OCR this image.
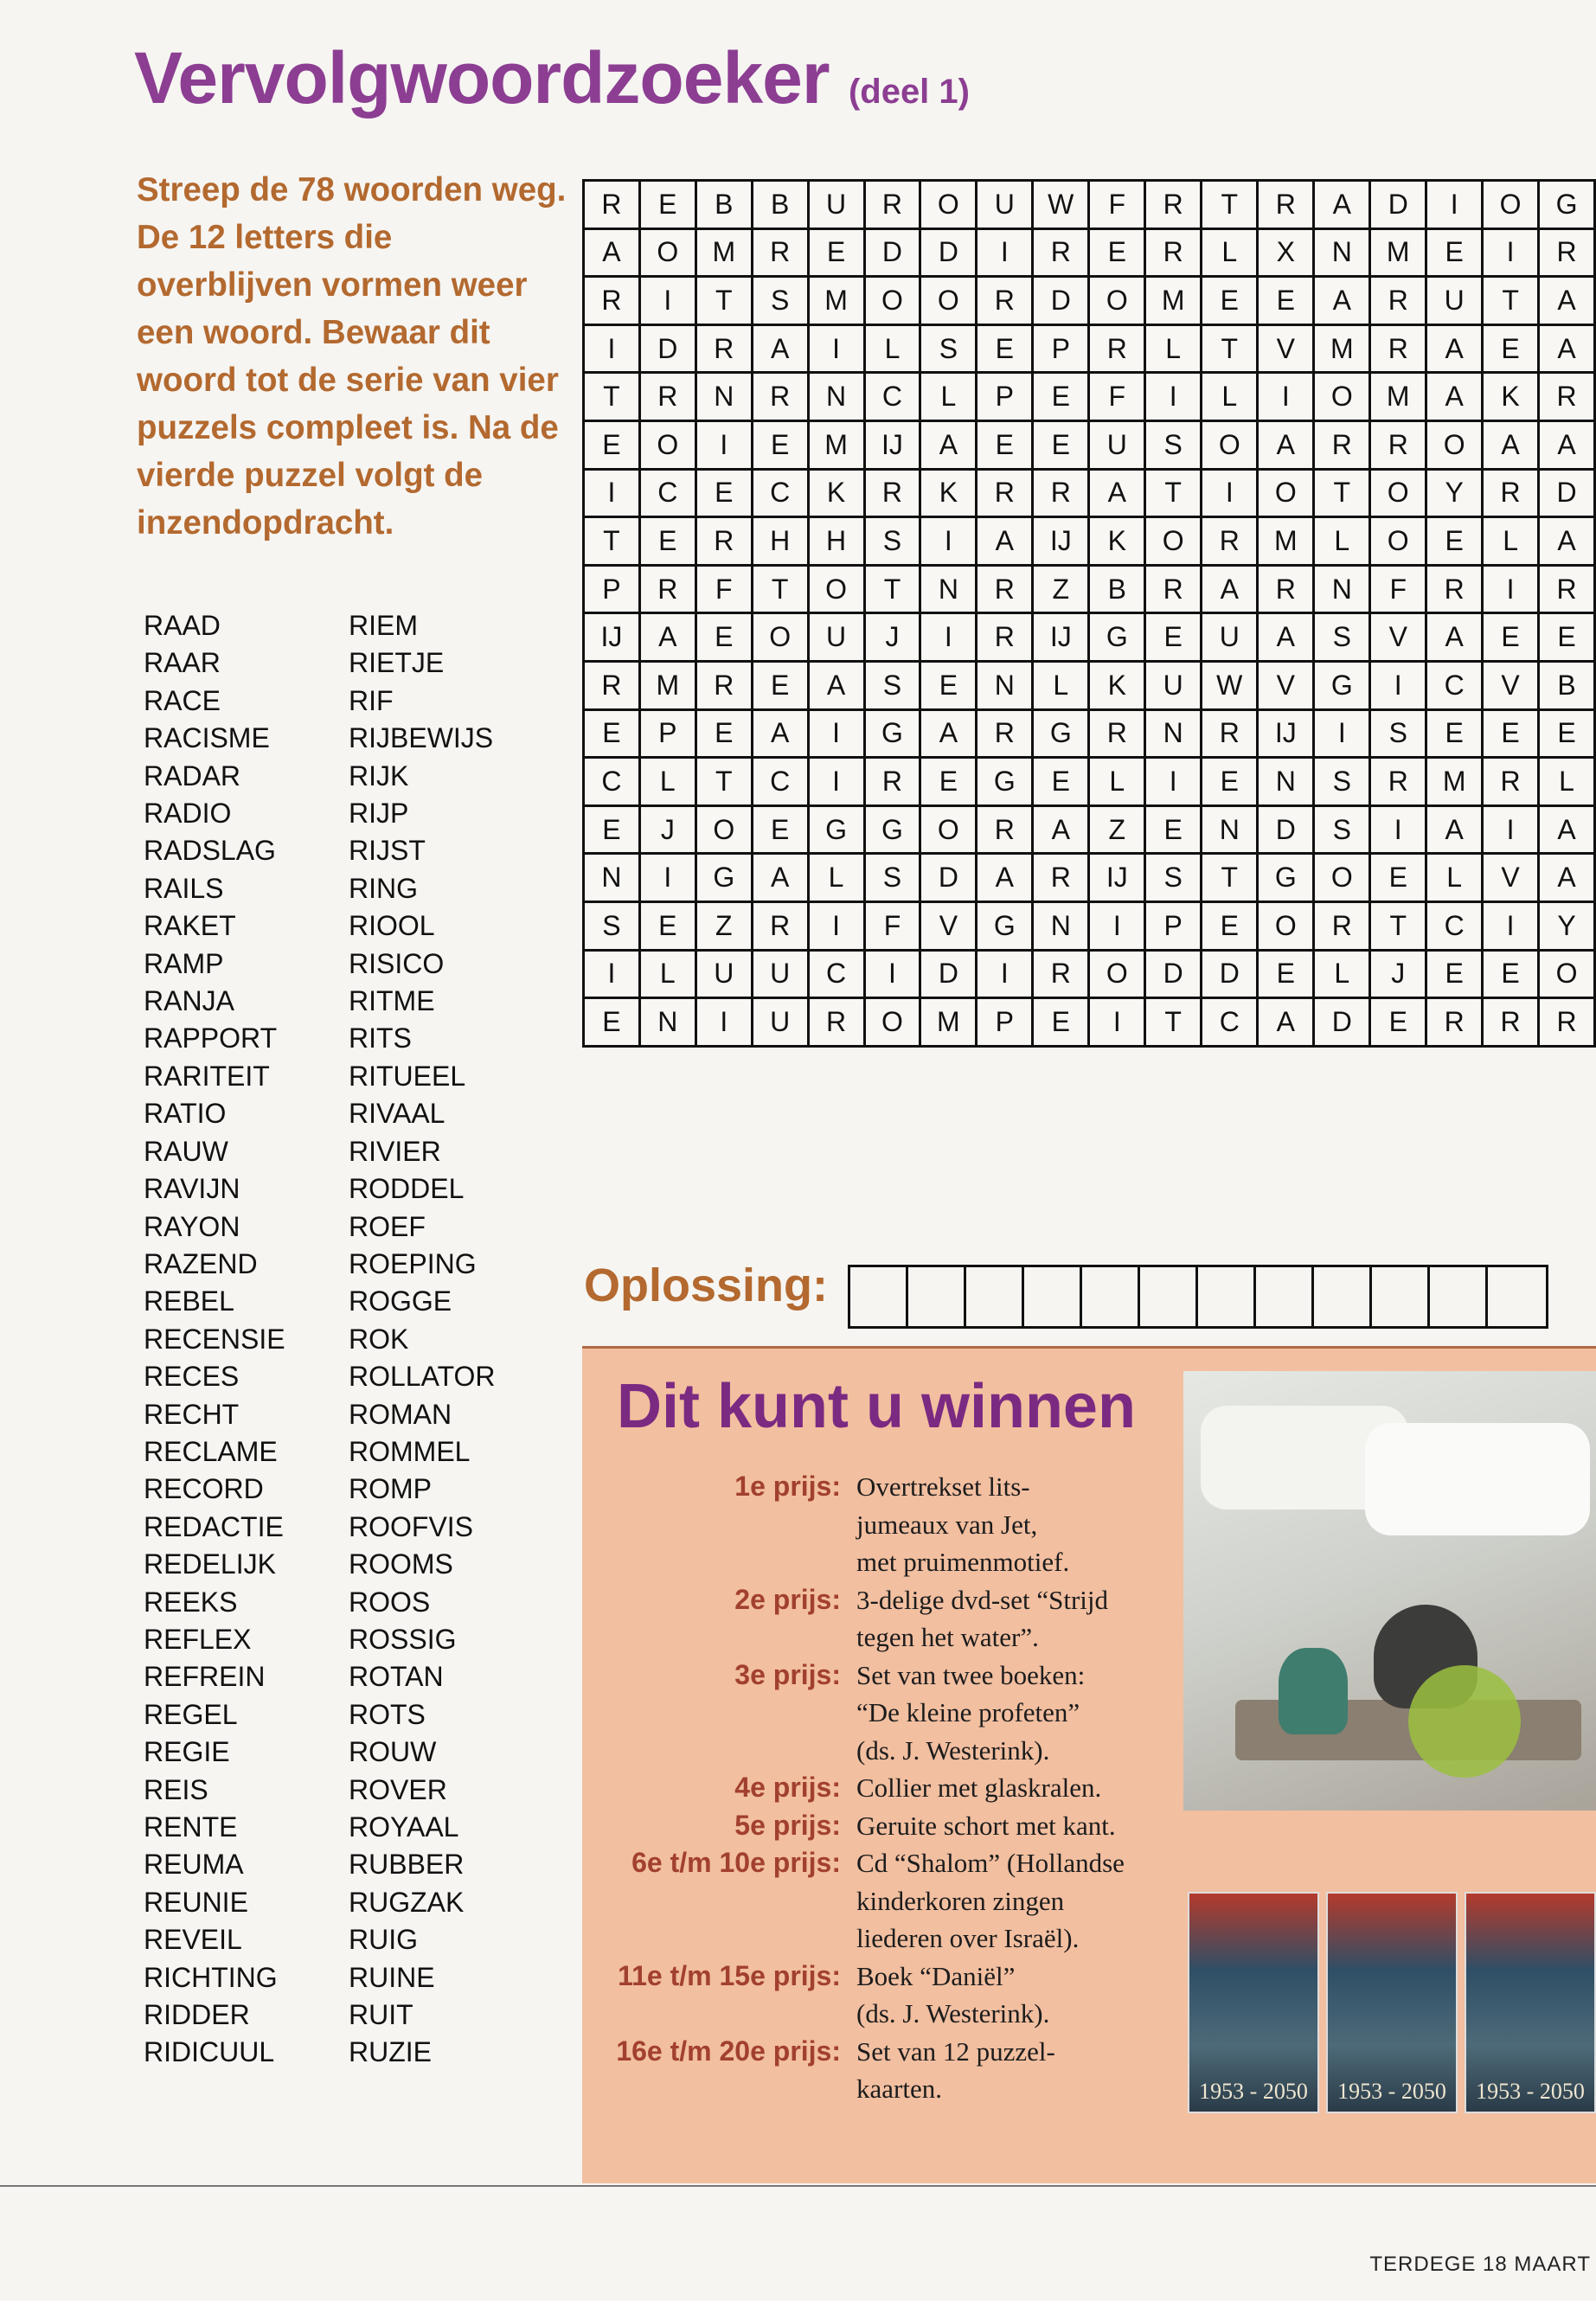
Vervolgwoordzoeker (deel 1)
Streep de 78 woorden weg. De 12 letters die overblijven vormen weer een woord. Bewaar dit woord tot de serie van vier puzzels compleet is. Na de vierde puzzel volgt de inzendopdracht.
RAAD
RAAR
RACE
RACISME
RADAR
RADIO
RADSLAG
RAILS
RAKET
RAMP
RANJA
RAPPORT
RARITEIT
RATIO
RAUW
RAVIJN
RAYON
RAZEND
REBEL
RECENSIE
RECES
RECHT
RECLAME
RECORD
REDACTIE
REDELIJK
REEKS
REFLEX
REFREIN
REGEL
REGIE
REIS
RENTE
REUMA
REUNIE
REVEIL
RICHTING
RIDDER
RIDICUUL
RIEM
RIETJE
RIF
RIJBEWIJS
RIJK
RIJP
RIJST
RING
RIOOL
RISICO
RITME
RITS
RITUEEL
RIVAAL
RIVIER
RODDEL
ROEF
ROEPING
ROGGE
ROK
ROLLATOR
ROMAN
ROMMEL
ROMP
ROOFVIS
ROOMS
ROOS
ROSSIG
ROTAN
ROTS
ROUW
ROVER
ROYAAL
RUBBER
RUGZAK
RUIG
RUINE
RUIT
RUZIE
R	E	B	B	U	R	O	U	W	F	R	T	R	A	D	I	O	G
A	O	M	R	E	D	D	I	R	E	R	L	X	N	M	E	I	R
R	I	T	S	M	O	O	R	D	O	M	E	E	A	R	U	T	A
I	D	R	A	I	L	S	E	P	R	L	T	V	M	R	A	E	A
T	R	N	R	N	C	L	P	E	F	I	L	I	O	M	A	K	R
E	O	I	E	M	IJ	A	E	E	U	S	O	A	R	R	O	A	A
I	C	E	C	K	R	K	R	R	A	T	I	O	T	O	Y	R	D
T	E	R	H	H	S	I	A	IJ	K	O	R	M	L	O	E	L	A
P	R	F	T	O	T	N	R	Z	B	R	A	R	N	F	R	I	R
IJ	A	E	O	U	J	I	R	IJ	G	E	U	A	S	V	A	E	E
R	M	R	E	A	S	E	N	L	K	U	W	V	G	I	C	V	B
E	P	E	A	I	G	A	R	G	R	N	R	IJ	I	S	E	E	E
C	L	T	C	I	R	E	G	E	L	I	E	N	S	R	M	R	L
E	J	O	E	G	G	O	R	A	Z	E	N	D	S	I	A	I	A
N	I	G	A	L	S	D	A	R	IJ	S	T	G	O	E	L	V	A
S	E	Z	R	I	F	V	G	N	I	P	E	O	R	T	C	I	Y
I	L	U	U	C	I	D	I	R	O	D	D	E	L	J	E	E	O
E	N	I	U	R	O	M	P	E	I	T	C	A	D	E	R	R	R
Oplossing:
Dit kunt u winnen
1e prijs: Overtrekset lits-
jumeaux van Jet,
met pruimenmotief.
2e prijs: 3-delige dvd-set “Strijd
tegen het water”.
3e prijs: Set van twee boeken:
“De kleine profeten”
(ds. J. Westerink).
4e prijs: Collier met glaskralen.
5e prijs: Geruite schort met kant.
6e t/m 10e prijs: Cd “Shalom” (Hollandse
kinderkoren zingen
liederen over Israël).
11e t/m 15e prijs: Boek “Daniël”
(ds. J. Westerink).
16e t/m 20e prijs: Set van 12 puzzel-
kaarten.	1953 - 2050	1953 - 2050	1953 - 2050
TERDEGE 18 MAART
